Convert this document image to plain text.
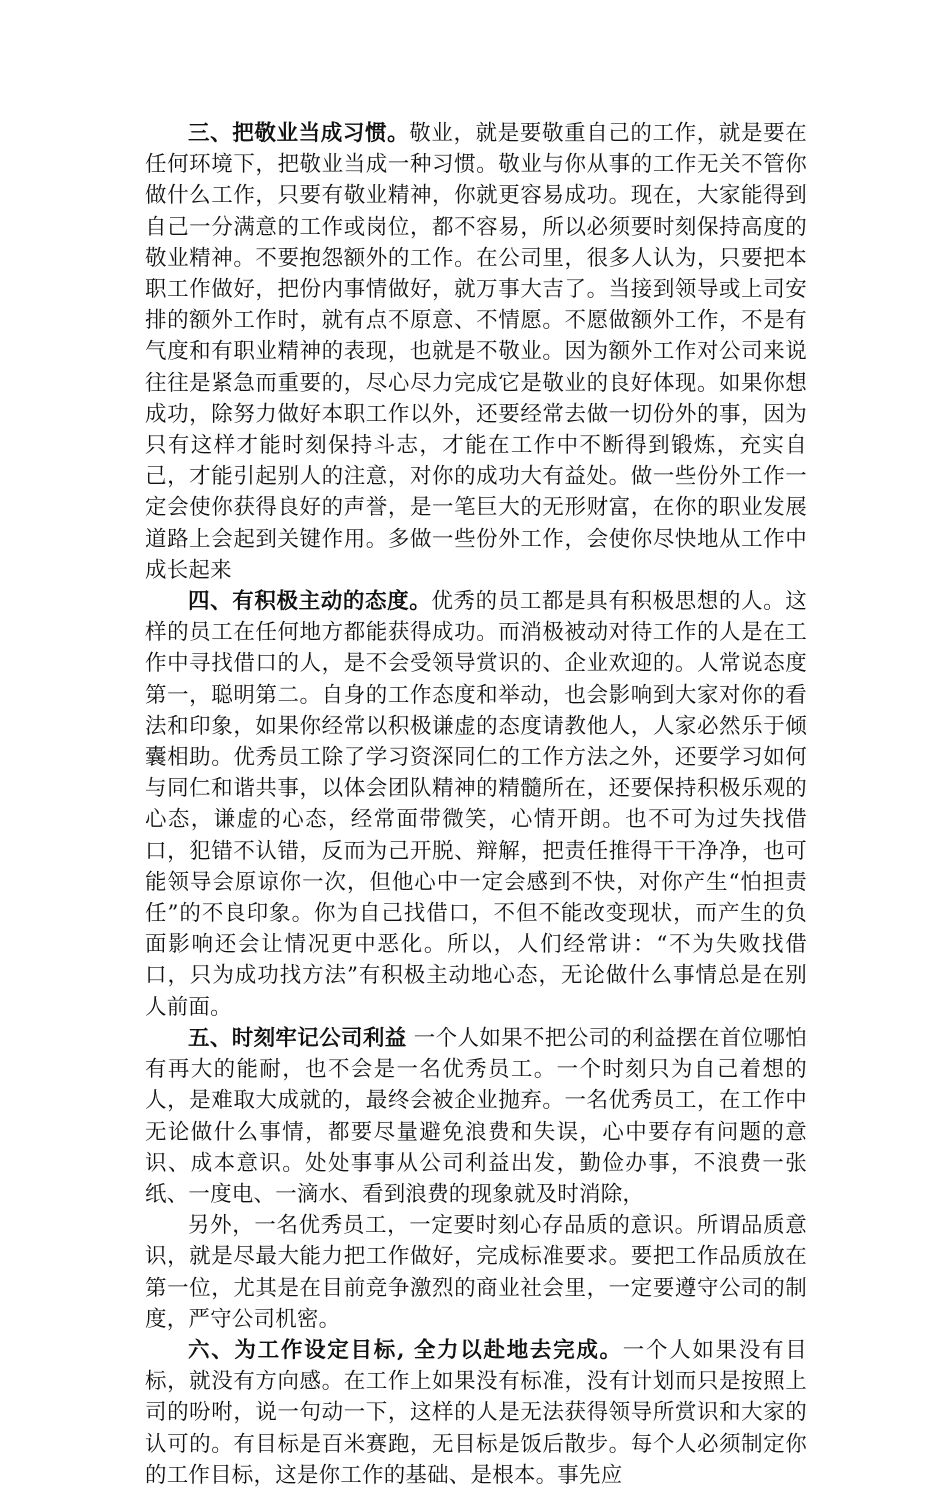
三、把敬业当成习惯。敬业，就是要敬重自己的工作，就是要在任何环境下，把敬业当成一种习惯。敬业与你从事的工作无关不管你做什么工作，只要有敬业精神，你就更容易成功。现在，大家能得到自己一分满意的工作或岗位，都不容易，所以必须要时刻保持高度的敬业精神。不要抱怨额外的工作。在公司里，很多人认为，只要把本职工作做好，把份内事情做好，就万事大吉了。当接到领导或上司安排的额外工作时，就有点不原意、不情愿。不愿做额外工作，不是有气度和有职业精神的表现，也就是不敬业。因为额外工作对公司来说往往是紧急而重要的，尽心尽力完成它是敬业的良好体现。如果你想成功，除努力做好本职工作以外，还要经常去做一切份外的事，因为只有这样才能时刻保持斗志，才能在工作中不断得到锻炼，充实自己，才能引起别人的注意，对你的成功大有益处。做一些份外工作一定会使你获得良好的声誉，是一笔巨大的无形财富，在你的职业发展道路上会起到关键作用。多做一些份外工作，会使你尽快地从工作中成长起来

四、有积极主动的态度。优秀的员工都是具有积极思想的人。这样的员工在任何地方都能获得成功。而消极被动对待工作的人是在工作中寻找借口的人，是不会受领导赏识的、企业欢迎的。人常说态度第一，聪明第二。自身的工作态度和举动，也会影响到大家对你的看法和印象，如果你经常以积极谦虚的态度请教他人，人家必然乐于倾囊相助。优秀员工除了学习资深同仁的工作方法之外，还要学习如何与同仁和谐共事，以体会团队精神的精髓所在，还要保持积极乐观的心态，谦虚的心态，经常面带微笑，心情开朗。也不可为过失找借口，犯错不认错，反而为己开脱、辩解，把责任推得干干净净，也可能领导会原谅你一次，但他心中一定会感到不快，对你产生“怕担责任”的不良印象。你为自己找借口，不但不能改变现状，而产生的负面影响还会让情况更中恶化。所以，人们经常讲：“不为失败找借口，只为成功找方法”有积极主动地心态，无论做什么事情总是在别人前面。

五、时刻牢记公司利益 一个人如果不把公司的利益摆在首位哪怕有再大的能耐，也不会是一名优秀员工。一个时刻只为自己着想的人，是难取大成就的，最终会被企业抛弃。一名优秀员工，在工作中无论做什么事情，都要尽量避免浪费和失误，心中要存有问题的意识、成本意识。处处事事从公司利益出发，勤俭办事，不浪费一张纸、一度电、一滴水、看到浪费的现象就及时消除，

另外，一名优秀员工，一定要时刻心存品质的意识。所谓品质意识，就是尽最大能力把工作做好，完成标准要求。要把工作品质放在第一位，尤其是在目前竞争激烈的商业社会里，一定要遵守公司的制度，严守公司机密。

六、为工作设定目标, 全力以赴地去完成。一个人如果没有目标，就没有方向感。在工作上如果没有标准，没有计划而只是按照上司的吩咐，说一句动一下，这样的人是无法获得领导所赏识和大家的认可的。有目标是百米赛跑，无目标是饭后散步。每个人必须制定你的工作目标，这是你工作的基础、是根本。事先应
